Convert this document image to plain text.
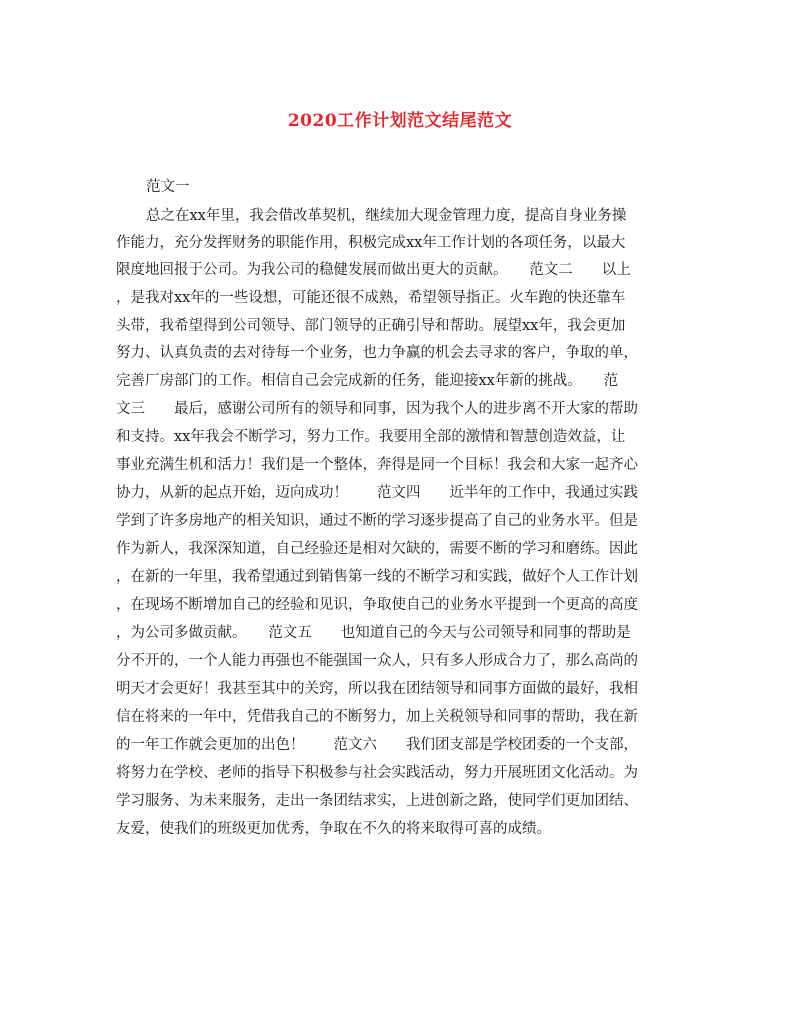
2020工作计划范文结尾范文
范文一
总之在xx年里，我会借改革契机，继续加大现金管理力度，提高自身业务操
作能力，充分发挥财务的职能作用，积极完成xx年工作计划的各项任务，以最大
限度地回报于公司。为我公司的稳健发展而做出更大的贡献。　　范文二　　以上
，是我对xx年的一些设想，可能还很不成熟，希望领导指正。火车跑的快还靠车
头带，我希望得到公司领导、部门领导的正确引导和帮助。展望xx年，我会更加
努力、认真负责的去对待每一个业务，也力争赢的机会去寻求的客户，争取的单，
完善厂房部门的工作。相信自己会完成新的任务，能迎接xx年新的挑战。　　范
文三　　最后，感谢公司所有的领导和同事，因为我个人的进步离不开大家的帮助
和支持。xx年我会不断学习，努力工作。我要用全部的激情和智慧创造效益，让
事业充满生机和活力！我们是一个整体，奔得是同一个目标！我会和大家一起齐心
协力，从新的起点开始，迈向成功！　　范文四　　近半年的工作中，我通过实践
学到了许多房地产的相关知识，通过不断的学习逐步提高了自己的业务水平。但是
作为新人，我深深知道，自己经验还是相对欠缺的，需要不断的学习和磨练。因此
，在新的一年里，我希望通过到销售第一线的不断学习和实践，做好个人工作计划
，在现场不断增加自己的经验和见识，争取使自己的业务水平提到一个更高的高度
，为公司多做贡献。　　范文五　　也知道自己的今天与公司领导和同事的帮助是
分不开的，一个人能力再强也不能强国一众人，只有多人形成合力了，那么高尚的
明天才会更好！我甚至其中的关窍，所以我在团结领导和同事方面做的最好，我相
信在将来的一年中，凭借我自己的不断努力，加上关税领导和同事的帮助，我在新
的一年工作就会更加的出色！　　范文六　　我们团支部是学校团委的一个支部，
将努力在学校、老师的指导下积极参与社会实践活动，努力开展班团文化活动。为
学习服务、为未来服务，走出一条团结求实，上进创新之路，使同学们更加团结、
友爱，使我们的班级更加优秀，争取在不久的将来取得可喜的成绩。
